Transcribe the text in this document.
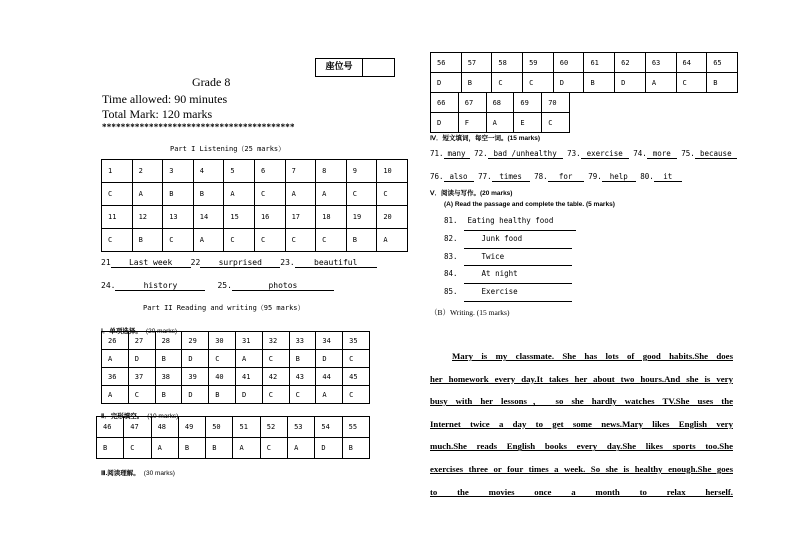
座位号
Grade 8
Time allowed: 90 minutes
Total Mark: 120 marks
*****************************************
Part I Listening（25 marks）
1	2	3	4	5	6	7	8	9	10
C	A	B	B	A	C	A	A	C	C
11	12	13	14	15	16	17	18	19	20
C	B	C	A	C	C	C	C	B	A
21 Last week 22 surprised 23. beautiful
24.	history	25.	photos
Part II Reading and writing（95 marks）
Ⅰ．单项选择。 (20 marks)
26	27	28	29	30	31	32	33	34	35
A	D	B	D	C	A	C	B	D	C
36	37	38	39	40	41	42	43	44	45
A	C	B	D	B	D	C	C	A	C
Ⅱ．完形填空。 (10 marks)
46	47	48	49	50	51	52	53	54	55
B	C	A	B	B	A	C	A	D	B
Ⅲ.阅读理解。 (30 marks)
56	57	58	59	60	61	62	63	64	65
D	B	C	C	D	B	D	A	C	B
66	67	68	69	70
D	F	A	E	C
Ⅳ．短文填词，每空一词。(15 marks)
71. many 72. bad /unhealthy 73. exercise 74. more 75. because
76. also 77. times 78. for 79. help 80. it
Ⅴ．阅读与写作。(20 marks)
(A) Read the passage and complete the table. (5 marks)
81. Eating healthy food
82.	Junk food
83.	Twice
84.	At night
85.	Exercise
（B）Writing. (15 marks)
Mary is my classmate. She has lots of good habits.She does
her homework every day.It takes her about two hours.And she is very
busy with her lessons， so she hardly watches TV.She uses the
Internet twice a day to get some news.Mary likes English very
much.She reads English books every day.She likes sports too.She
exercises three or four times a week. So she is healthy enough.She goes
to the movies once a month to relax herself.
